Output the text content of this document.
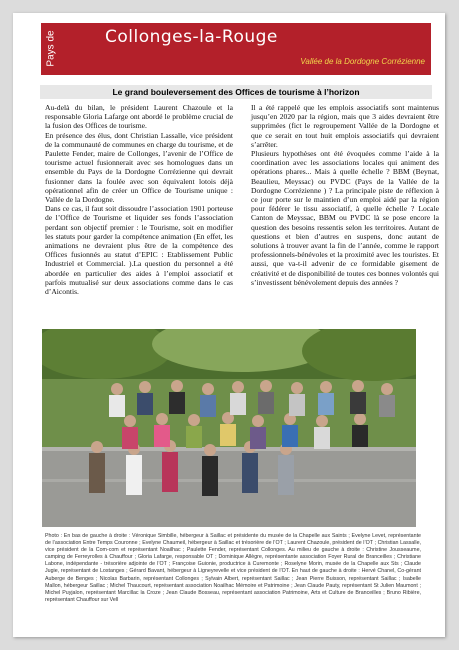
Pays de	Collonges-la-Rouge
Vallée de la Dordogne Corrézienne
Le grand bouleversement des Offices de tourisme à l’horizon

Au-delà du bilan, le président Laurent Chazoule et la responsable Gloria Lafarge ont abordé le problème crucial de la fusion des Offices de tourisme.

En présence des élus, dont Christian Lassalle, vice président de la communauté de communes en charge du tourisme, et de Paulette Fender, maire de Collonges, l’avenir de l’Office de tourisme actuel fusionnerait avec ses homologues dans un ensemble du Pays de la Dordogne Corrézienne qui devrait fusionner dans la foulée avec son équivalent lotois déjà opérationnel afin de créer un Office de Tourisme unique : Vallée de la Dordogne.

Dans ce cas, il faut soit dissoudre l’association 1901 porteuse de l’Office de Tourisme et liquider ses fonds l’association perdant son objectif premier : le Tourisme, soit en modifier les statuts pour garder la compétence animation (En effet, les animations ne devraient plus être de la compétence des Offices fusionnés au statut d’EPIC : Etablissement Public Industriel et Commercial. ).La question du personnel a été abordée en particulier des aides à l’emploi associatif et parfois mutualisé sur deux associations comme dans le cas d’Aicontis.

Il a été rappelé que les emplois associatifs sont maintenus jusqu’en 2020 par la région, mais que 3 aides devraient être supprimées (fict le regroupement Vallée de la Dordogne et que ce serait en tout huit emplois associatifs qui devraient s’arrêter.

Plusieurs hypothèses ont été évoquées comme l’aide à la coordination avec les associations locales qui animent des opérations phares... Mais à quelle échelle ? BBM (Beynat, Beaulieu, Meyssac) ou PVDC (Pays de la Vallée de la Dordogne Corrézienne ) ? La principale piste de réflexion à ce jour porte sur le maintien d’un emploi aidé par la région pour fédérer le tissu associatif, à quelle échelle ? Locale Canton de Meyssac, BBM ou PVDC là se pose encore la question des besoins ressentis selon les territoires. Autant de questions et bien d’autres en suspens, donc autant de solutions à trouver avant la fin de l’année, comme le rapport professionnels-bénévoles et la proximité avec les touristes. Et aussi, que va-t-il advenir de ce formidable gisement de créativité et de disponibilité de toutes ces bonnes volontés qui s’investissent bénévolement depuis des années ?

Photo : En bas de gauche à droite : Véronique Simbille, hébergeur à Saillac et présidente du musée de la Chapelle aux Saints ; Evelyne Levet, représentante de l’association Entre Temps Couronne ; Evelyne Chaumeil, hébergeur à Saillac et trésorière de l’OT ; Laurent Chazoule, président de l’OT ; Christian Lassalle, vice président de la Com-com et représentant Noailhac ; Paulette Fender, représentant Collonges. Au milieu de gauche à droite : Christine Jousseaume, camping de Ferreyrolles à Chauffour ; Gloria Lafarge, responsable OT ; Dominique Allègre, représentante association Foyer Rural de Branceilles ; Christiane Labone, indépendante - trésorière adjointe de l’OT ; Françoise Guionie, productrice à Curemonte ; Roselyne Morin, musée de la Chapelle aux Sts ; Claude Jugie, représentant de Lostanges ; Gérard Bavant, hébergeur à Ligneyrevelle et vice président de l’OT. En haut de gauche à droite : Hervé Chanel, Co-gérant Auberge de Benges ; Nicolas Barbarin, représentant Collonges ; Sylvain Albert, représentant Saillac ; Jean Pierre Buisson, représentant Saillac ; Isabelle Mallon, hébergeur Saillac ; Michel Thaucourt, représentant association Noailhac Mémoire et Patrimoine ; Jean Claude Pauty, représentant St Julien Maumont ; Michel Puyjalon, représentant Marcillac la Croze ; Jean Claude Bosseau, représentant association Patrimoine, Arts et Culture de Branceilles ; Bruno Ribière, représentant Chauffour sur Vell
